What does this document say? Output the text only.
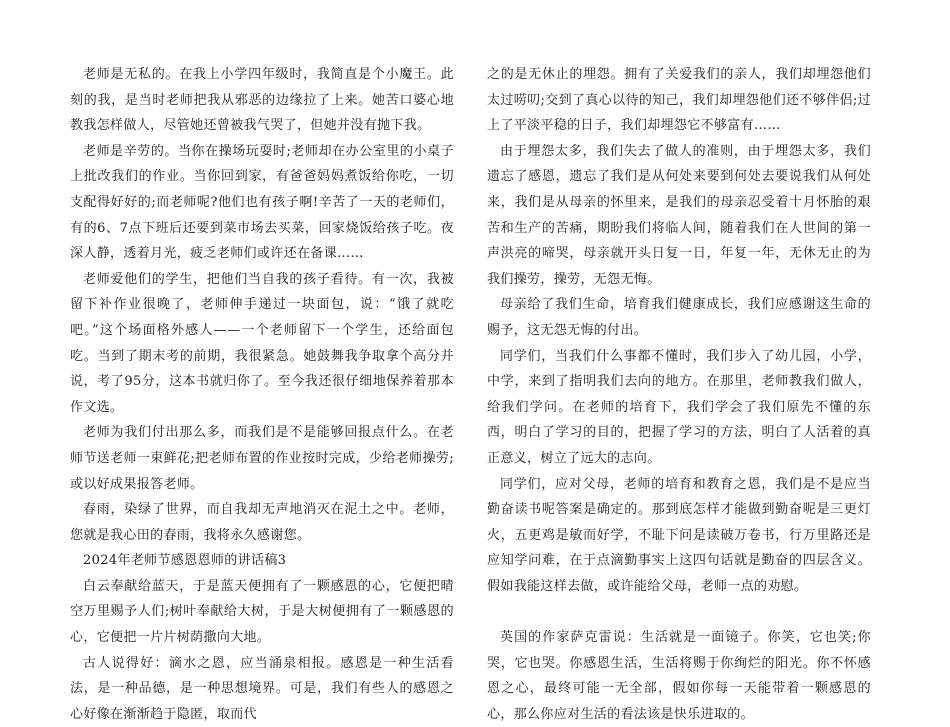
老师是无私的。在我上小学四年级时，我简直是个小魔王。此刻的我，是当时老师把我从邪恶的边缘拉了上来。她苦口婆心地教我怎样做人，尽管她还曾被我气哭了，但她并没有抛下我。

老师是辛劳的。当你在操场玩耍时;老师却在办公室里的小桌子上批改我们的作业。当你回到家，有爸爸妈妈煮饭给你吃，一切支配得好好的;而老师呢?他们也有孩子啊!辛苦了一天的老师们，有的6、7点下班后还要到菜市场去买菜，回家烧饭给孩子吃。夜深人静，透着月光，疲乏老师们或许还在备课……

老师爱他们的学生，把他们当自我的孩子看待。有一次，我被留下补作业很晚了，老师伸手递过一块面包，说：“饿了就吃吧。”这个场面格外感人——一个老师留下一个学生，还给面包吃。当到了期末考的前期，我很紧急。她鼓舞我争取拿个高分并说，考了95分，这本书就归你了。至今我还很仔细地保养着那本作文选。

老师为我们付出那么多，而我们是不是能够回报点什么。在老师节送老师一束鲜花;把老师布置的作业按时完成，少给老师操劳;或以好成果报答老师。

春雨，染绿了世界，而自我却无声地消灭在泥土之中。老师，您就是我心田的春雨，我将永久感谢您。

2024年老师节感恩恩师的讲话稿3

白云奉献给蓝天，于是蓝天便拥有了一颗感恩的心，它便把晴空万里赐予人们;树叶奉献给大树，于是大树便拥有了一颗感恩的心，它便把一片片树荫撒向大地。

古人说得好：滴水之恩，应当涌泉相报。感恩是一种生活看法，是一种品德，是一种思想境界。可是，我们有些人的感恩之心好像在渐渐趋于隐匿，取而代

之的是无休止的埋怨。拥有了关爱我们的亲人，我们却埋怨他们太过唠叨;交到了真心以待的知己，我们却埋怨他们还不够伴侣;过上了平淡平稳的日子，我们却埋怨它不够富有……

由于埋怨太多，我们失去了做人的准则，由于埋怨太多，我们遗忘了感恩，遗忘了我们是从何处来要到何处去要说我们从何处来，我们是从母亲的怀里来，是我们的母亲忍受着十月怀胎的艰苦和生产的苦痛，期盼我们将临人间，随着我们在人世间的第一声洪亮的啼哭，母亲就开头日复一日，年复一年，无休无止的为我们操劳，操劳，无怨无悔。

母亲给了我们生命，培育我们健康成长，我们应感谢这生命的赐予，这无怨无悔的付出。

同学们，当我们什么事都不懂时，我们步入了幼儿园，小学，中学，来到了指明我们去向的地方。在那里，老师教我们做人，给我们学问。在老师的培育下，我们学会了我们原先不懂的东西，明白了学习的目的，把握了学习的方法，明白了人活着的真正意义，树立了远大的志向。

同学们，应对父母，老师的培育和教育之恩，我们是不是应当勤奋读书呢答案是确定的。那到底怎样才能做到勤奋呢是三更灯火，五更鸡是敏而好学，不耻下问是读破万卷书，行万里路还是应知学问难，在于点滴勤事实上这四句话就是勤奋的四层含义。假如我能这样去做，或许能给父母，老师一点的劝慰。

英国的作家萨克雷说：生活就是一面镜子。你笑，它也笑;你哭，它也哭。你感恩生活，生活将赐于你绚烂的阳光。你不怀感恩之心，最终可能一无全部，假如你每一天能带着一颗感恩的心，那么你应对生活的看法该是快乐进取的。
